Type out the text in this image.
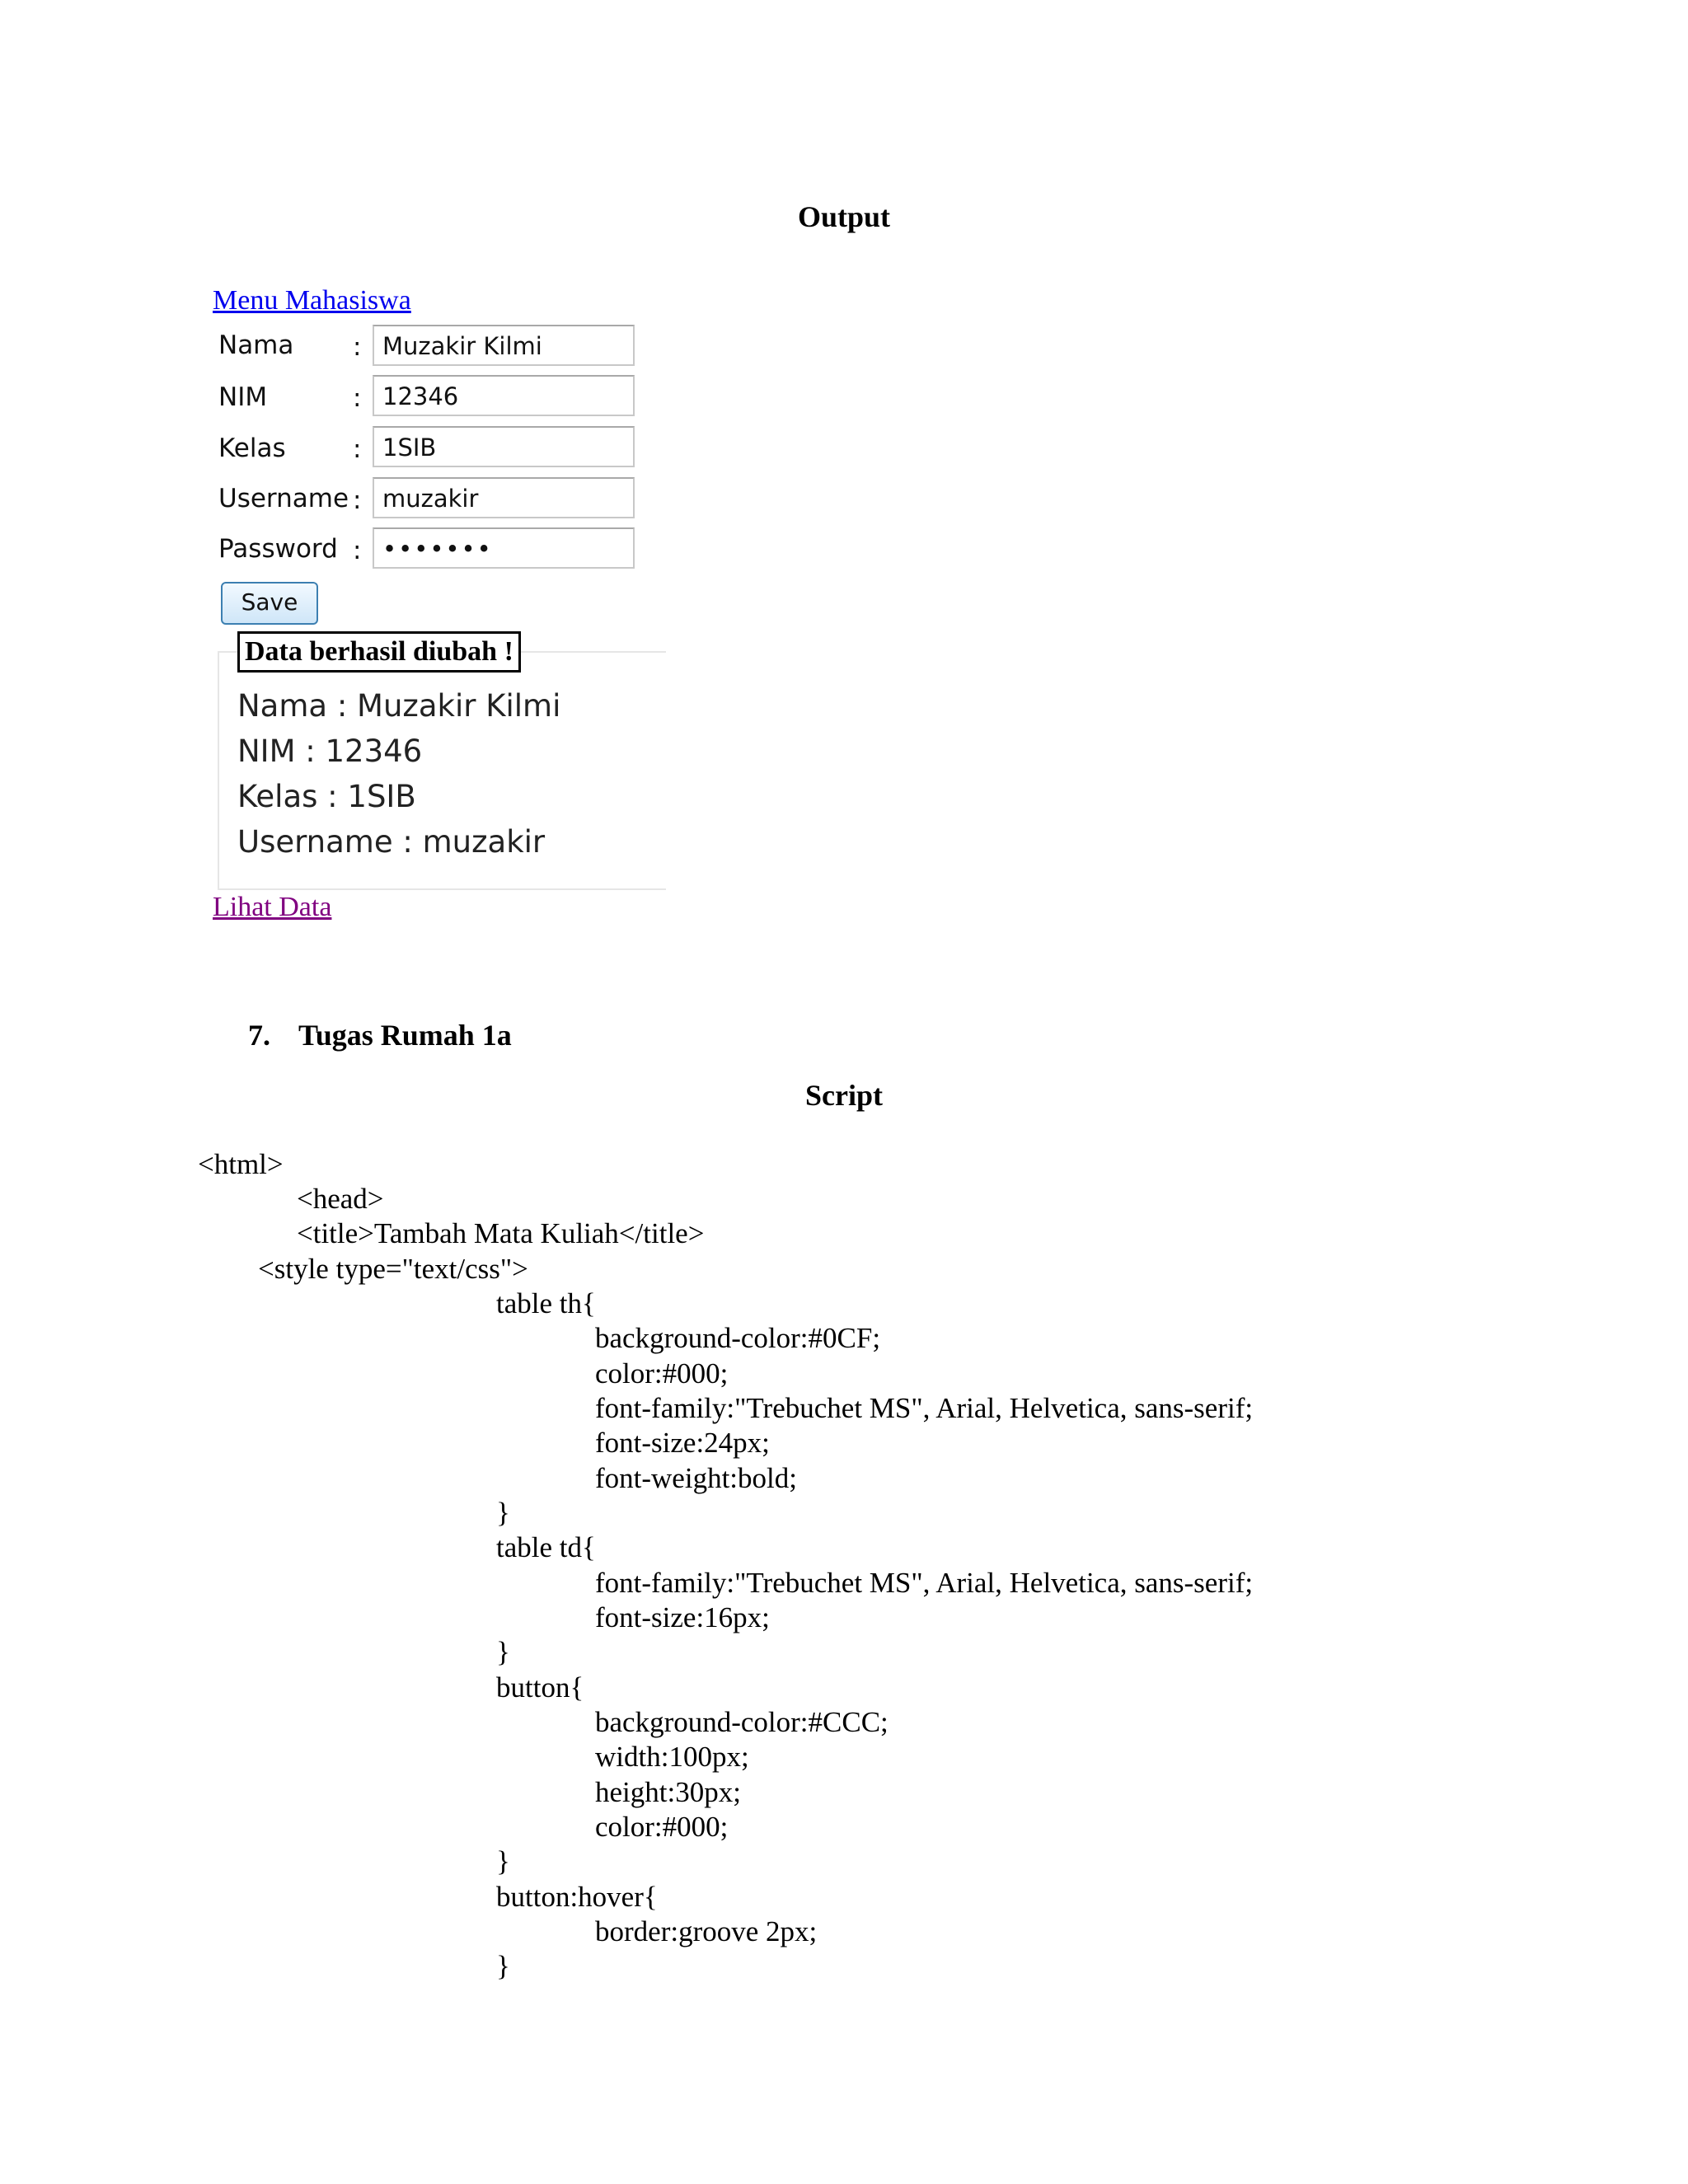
Output
Menu Mahasiswa
Nama : Muzakir Kilmi
NIM	: 12346
Kelas	: 1SIB
Username : muzakir
Password : •••••••
Save
Data berhasil diubah !
Nama : Muzakir Kilmi
NIM : 12346
Kelas : 1SIB
Username : muzakir
Lihat Data
7. Tugas Rumah 1a
Script
<html>
<head>
<title>Tambah Mata Kuliah</title>
<style type="text/css">
table th{
background-color:#0CF;
color:#000;
font-family:"Trebuchet MS", Arial, Helvetica, sans-serif;
font-size:24px;
font-weight:bold;
}
table td{
font-family:"Trebuchet MS", Arial, Helvetica, sans-serif;
font-size:16px;
}
button{
background-color:#CCC;
width:100px;
height:30px;
color:#000;
}
button:hover{
border:groove 2px;
}
